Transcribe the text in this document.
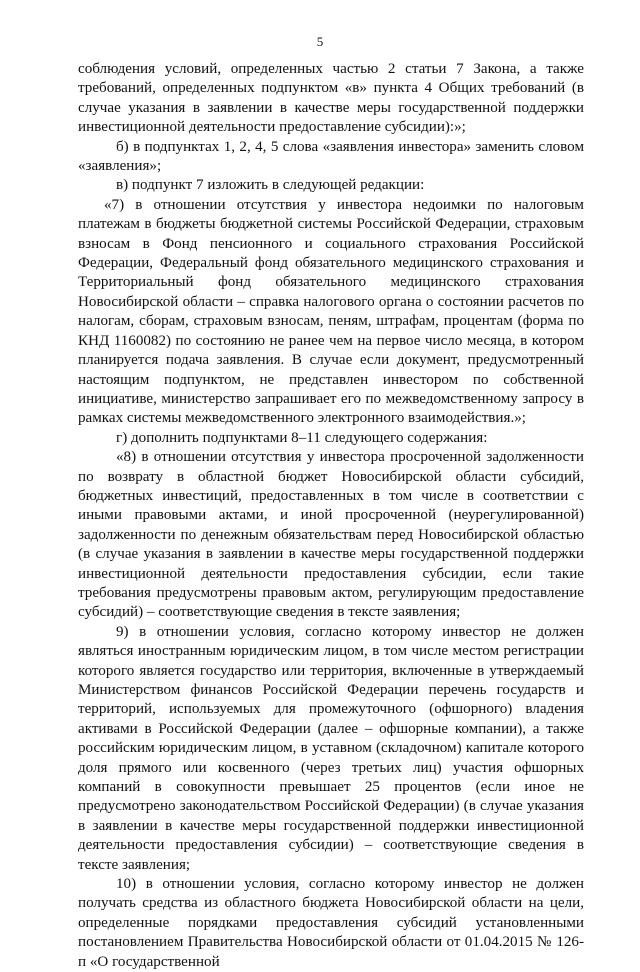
5

соблюдения условий, определенных частью 2 статьи 7 Закона, а также требований, определенных подпунктом «в» пункта 4 Общих требований (в случае указания в заявлении в качестве меры государственной поддержки инвестиционной деятельности предоставление субсидии):»;

б) в подпунктах 1, 2, 4, 5 слова «заявления инвестора» заменить словом «заявления»;

в) подпункт 7 изложить в следующей редакции:

«7) в отношении отсутствия у инвестора недоимки по налоговым платежам в бюджеты бюджетной системы Российской Федерации, страховым взносам в Фонд пенсионного и социального страхования Российской Федерации, Федеральный фонд обязательного медицинского страхования и Территориальный фонд обязательного медицинского страхования Новосибирской области – справка налогового органа о состоянии расчетов по налогам, сборам, страховым взносам, пеням, штрафам, процентам (форма по КНД 1160082) по состоянию не ранее чем на первое число месяца, в котором планируется подача заявления. В случае если документ, предусмотренный настоящим подпунктом, не представлен инвестором по собственной инициативе, министерство запрашивает его по межведомственному запросу в рамках системы межведомственного электронного взаимодействия.»;

г) дополнить подпунктами 8–11 следующего содержания:

«8) в отношении отсутствия у инвестора просроченной задолженности по возврату в областной бюджет Новосибирской области субсидий, бюджетных инвестиций, предоставленных в том числе в соответствии с иными правовыми актами, и иной просроченной (неурегулированной) задолженности по денежным обязательствам перед Новосибирской областью (в случае указания в заявлении в качестве меры государственной поддержки инвестиционной деятельности предоставления субсидии, если такие требования предусмотрены правовым актом, регулирующим предоставление субсидий) – соответствующие сведения в тексте заявления;

9) в отношении условия, согласно которому инвестор не должен являться иностранным юридическим лицом, в том числе местом регистрации которого является государство или территория, включенные в утверждаемый Министерством финансов Российской Федерации перечень государств и территорий, используемых для промежуточного (офшорного) владения активами в Российской Федерации (далее – офшорные компании), а также российским юридическим лицом, в уставном (складочном) капитале которого доля прямого или косвенного (через третьих лиц) участия офшорных компаний в совокупности превышает 25 процентов (если иное не предусмотрено законодательством Российской Федерации) (в случае указания в заявлении в качестве меры государственной поддержки инвестиционной деятельности предоставления субсидии) – соответствующие сведения в тексте заявления;

10) в отношении условия, согласно которому инвестор не должен получать средства из областного бюджета Новосибирской области на цели, определенные порядками предоставления субсидий установленными постановлением Правительства Новосибирской области от 01.04.2015 № 126-п «О государственной
